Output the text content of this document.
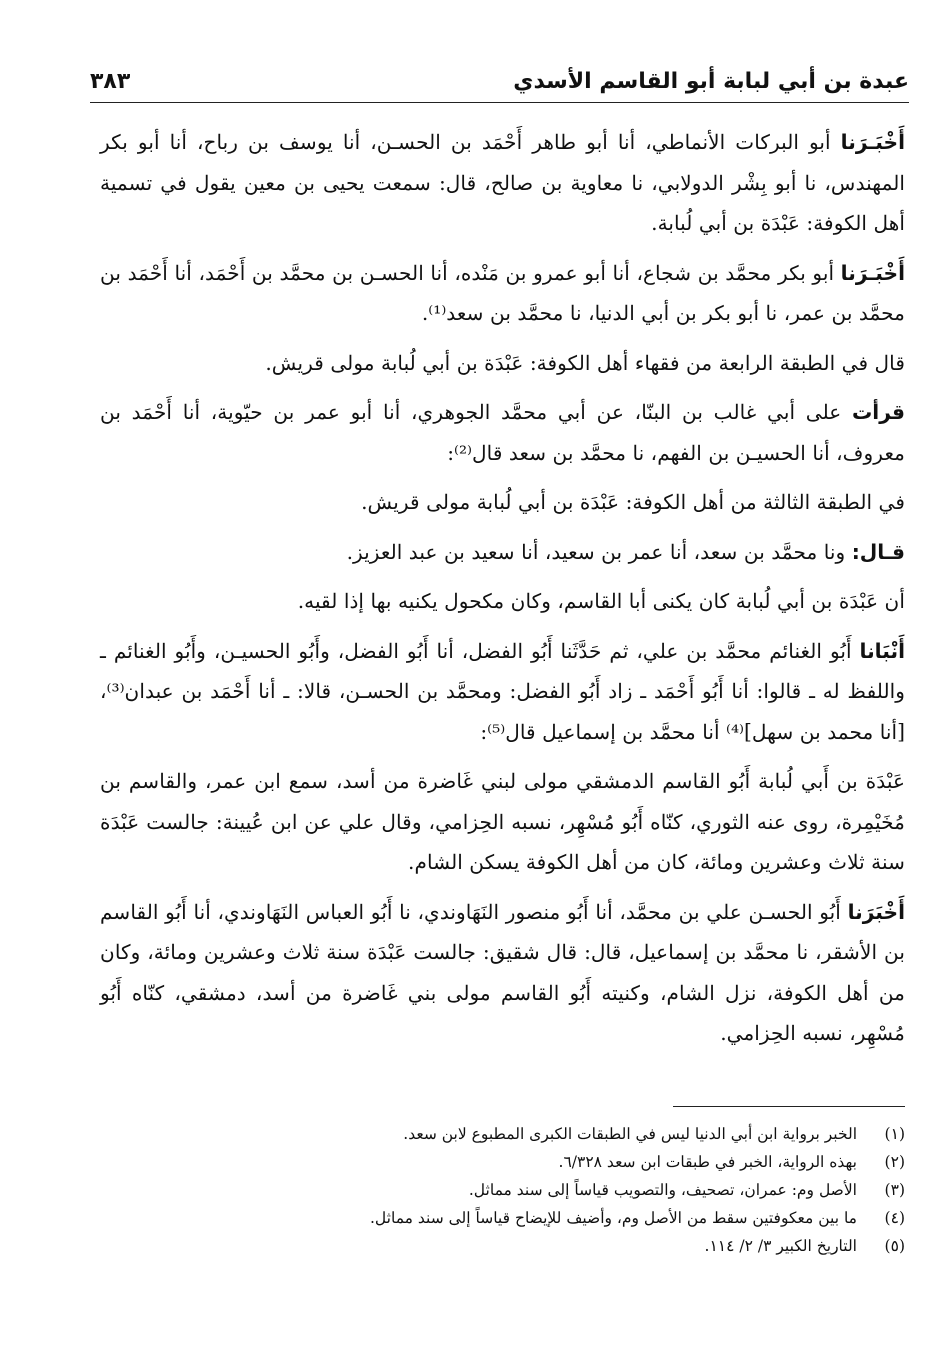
٣٨٣	عبدة بن أبي لبابة أبو القاسم الأسدي

أَخْبَـرَنا أبو البركات الأنماطي، أنا أبو طاهر أَحْمَد بن الحسـن، أنا يوسف بن رباح، أنا أبو بكر المهندس، نا أبو بِشْر الدولابي، نا معاوية بن صالح، قال: سمعت يحيى بن معين يقول في تسمية أهل الكوفة: عَبْدَة بن أبي لُبابة.

أَخْبَـرَنا أبو بكر محمَّد بن شجاع، أنا أبو عمرو بن مَنْده، أنا الحسـن بن محمَّد بن أَحْمَد، أنا أَحْمَد بن محمَّد بن عمر، نا أبو بكر بن أبي الدنيا، نا محمَّد بن سعد⁽¹⁾.

قال في الطبقة الرابعة من فقهاء أهل الكوفة: عَبْدَة بن أبي لُبابة مولى قريش.

قرأت على أبي غالب بن البنّا، عن أبي محمَّد الجوهري، أنا أبو عمر بن حيّوية، أنا أَحْمَد بن معروف، أنا الحسيـن بن الفهم، نا محمَّد بن سعد قال⁽²⁾:

في الطبقة الثالثة من أهل الكوفة: عَبْدَة بن أبي لُبابة مولى قريش.

قـال: ونا محمَّد بن سعد، أنا عمر بن سعيد، أنا سعيد بن عبد العزيز.

أن عَبْدَة بن أبي لُبابة كان يكنى أبا القاسم، وكان مكحول يكنيه بها إذا لقيه.

أَنْبَانا أَبُو الغنائم محمَّد بن علي، ثم حَدَّثَنا أَبُو الفضل، أنا أَبُو الفضل، وأَبُو الحسيـن، وأَبُو الغنائم ـ واللفظ له ـ قالوا: أنا أَبُو أَحْمَد ـ زاد أَبُو الفضل: ومحمَّد بن الحسـن، قالا: ـ أنا أَحْمَد بن عبدان⁽³⁾، [أنا محمد بن سهل]⁽⁴⁾ أنا محمَّد بن إسماعيل قال⁽⁵⁾:

عَبْدَة بن أَبي لُبابة أَبُو القاسم الدمشقي مولى لبني غَاضرة من أسد، سمع ابن عمر، والقاسم بن مُخَيْمِرة، روى عنه الثوري، كنّاه أَبُو مُسْهِر، نسبه الحِزامي، وقال علي عن ابن عُيينة: جالست عَبْدَة سنة ثلاث وعشرين ومائة، كان من أهل الكوفة يسكن الشام.

أَخْبَرَنا أَبُو الحسـن علي بن محمَّد، أنا أَبُو منصور النَهَاوندي، نا أَبُو العباس النَهَاوندي، أنا أَبُو القاسم بن الأشقر، نا محمَّد بن إسماعيل، قال: قال شقيق: جالست عَبْدَة سنة ثلاث وعشرين ومائة، وكان من أهل الكوفة، نزل الشام، وكنيته أَبُو القاسم مولى بني غَاضرة من أسد، دمشقي، كنّاه أَبُو مُسْهِر، نسبه الحِزامي.

(١)
الخبر برواية ابن أبي الدنيا ليس في الطبقات الكبرى المطبوع لابن سعد.
(٢)
بهذه الرواية، الخبر في طبقات ابن سعد ٦/٣٢٨.
(٣)
الأصل وم: عمران، تصحيف، والتصويب قياساً إلى سند مماثل.
(٤)
ما بين معكوفتين سقط من الأصل وم، وأضيف للإيضاح قياساً إلى سند مماثل.
(٥)
التاريخ الكبير ٣/ ٢/ ١١٤.
